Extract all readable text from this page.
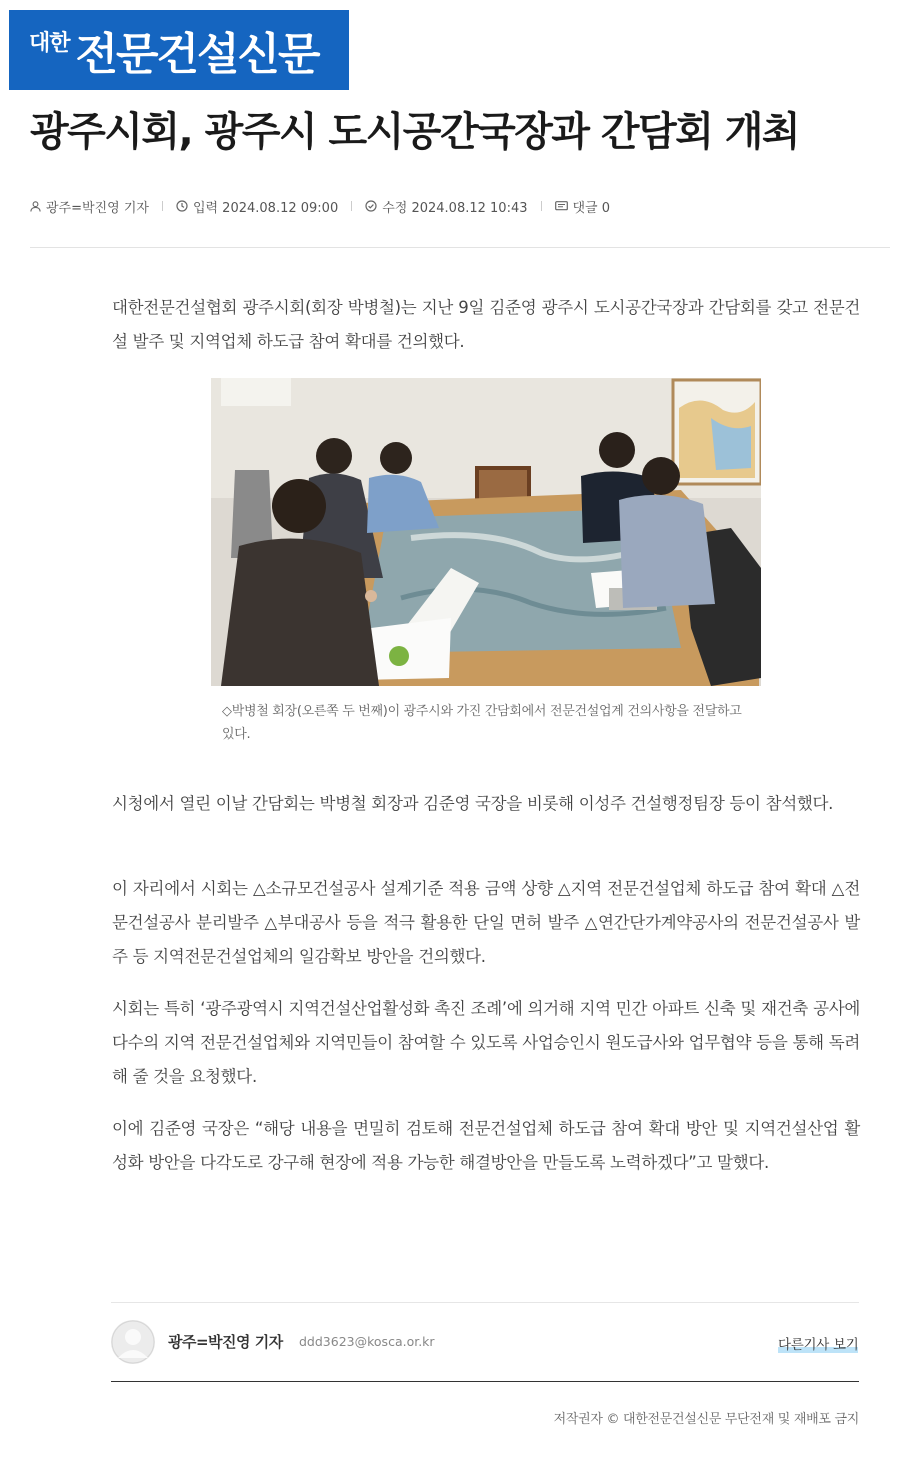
대한 전문건설신문
광주시회, 광주시 도시공간국장과 간담회 개최
광주=박진영 기자	입력 2024.08.12 09:00	수정 2024.08.12 10:43	댓글 0

대한전문건설협회 광주시회(회장 박병철)는 지난 9일 김준영 광주시 도시공간국장과 간담회를 갖고 전문건설 발주 및 지역업체 하도급 참여 확대를 건의했다.

◇박병철 회장(오른쪽 두 번째)이 광주시와 가진 간담회에서 전문건설업계 건의사항을 전달하고 있다.

시청에서 열린 이날 간담회는 박병철 회장과 김준영 국장을 비롯해 이성주 건설행정팀장 등이 참석했다.

이 자리에서 시회는 △소규모건설공사 설계기준 적용 금액 상향 △지역 전문건설업체 하도급 참여 확대 △전문건설공사 분리발주 △부대공사 등을 적극 활용한 단일 면허 발주 △연간단가계약공사의 전문건설공사 발주 등 지역전문건설업체의 일감확보 방안을 건의했다.

시회는 특히 ‘광주광역시 지역건설산업활성화 촉진 조례’에 의거해 지역 민간 아파트 신축 및 재건축 공사에 다수의 지역 전문건설업체와 지역민들이 참여할 수 있도록 사업승인시 원도급사와 업무협약 등을 통해 독려해 줄 것을 요청했다.

이에 김준영 국장은 “해당 내용을 면밀히 검토해 전문건설업체 하도급 참여 확대 방안 및 지역건설산업 활성화 방안을 다각도로 강구해 현장에 적용 가능한 해결방안을 만들도록 노력하겠다”고 말했다.

광주=박진영 기자 ddd3623@kosca.or.kr	다른기사 보기

저작권자 © 대한전문건설신문 무단전재 및 재배포 금지
